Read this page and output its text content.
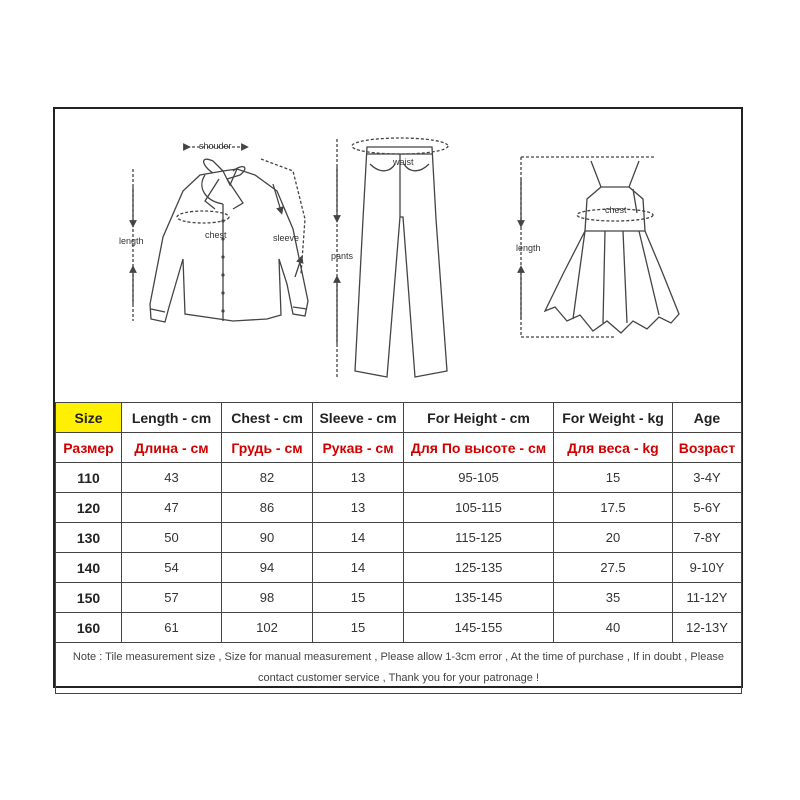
shouder
length
chest	sleeve
waist
pants
chest
length
Size	Length - cm	Chest - cm	Sleeve - cm	For Height - cm	For Weight - kg	Age
Размер	Длина - см	Грудь - см	Рукав - см	Для По высоте - см	Для веса - kg	Возраст
110	43	82	13	95-105	15	3-4Y
120	47	86	13	105-115	17.5	5-6Y
130	50	90	14	115-125	20	7-8Y
140	54	94	14	125-135	27.5	9-10Y
150	57	98	15	135-145	35	11-12Y
160	61	102	15	145-155	40	12-13Y
Note : Tile measurement size , Size for manual measurement , Please allow 1-3cm error , At the time of purchase , If in doubt , Please contact customer service , Thank you for your patronage !						
